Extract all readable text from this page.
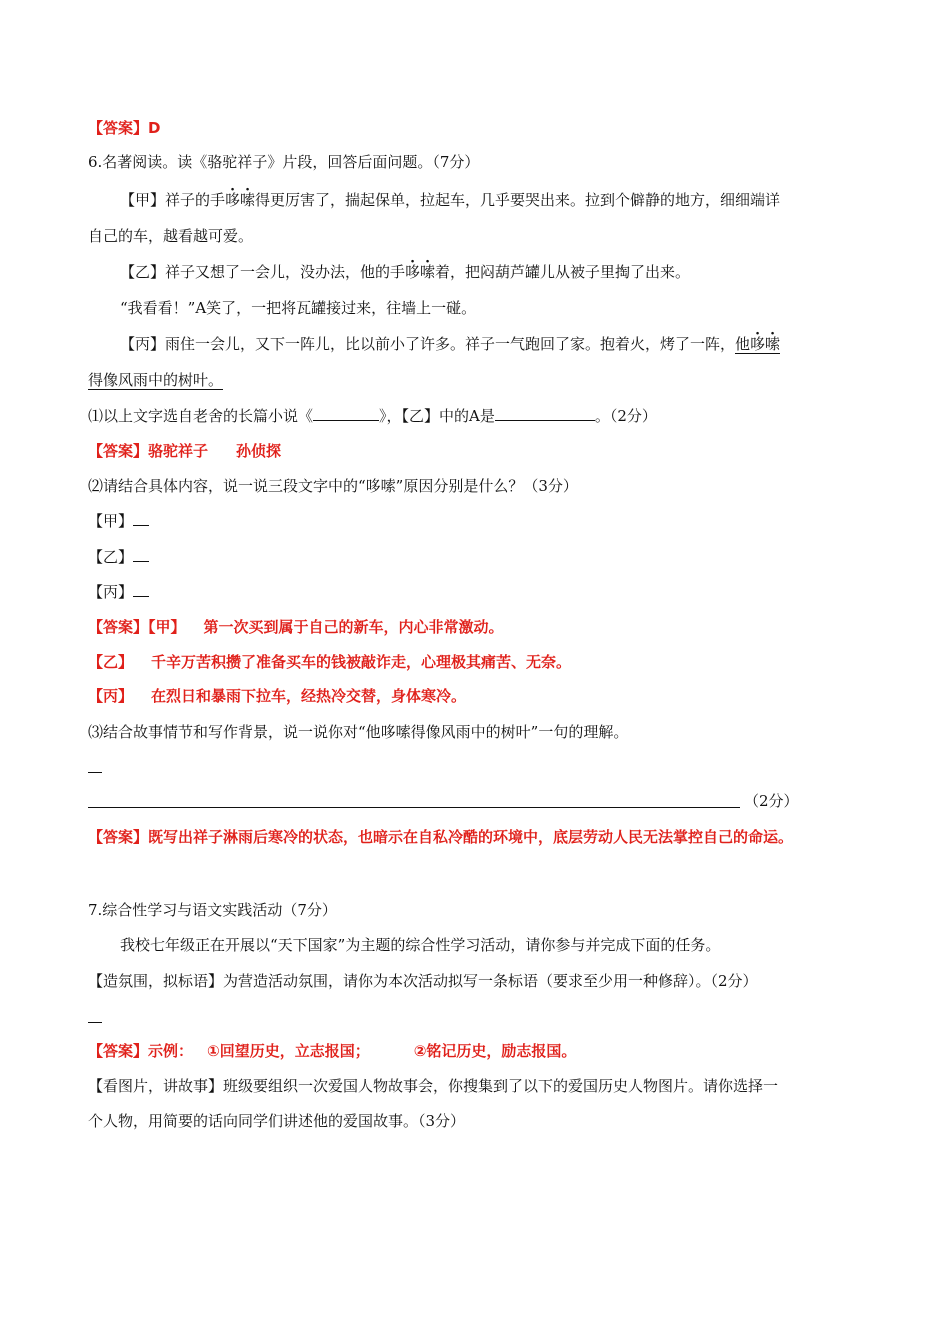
【答案】D
6.名著阅读。读《骆驼祥子》片段，回答后面问题。（7分）
【甲】祥子的手哆嗦得更厉害了，揣起保单，拉起车，几乎要哭出来。拉到个僻静的地方，细细端详
自己的车，越看越可爱。
【乙】祥子又想了一会儿，没办法，他的手哆嗦着，把闷葫芦罐儿从被子里掏了出来。
“我看看！”A笑了，一把将瓦罐接过来，往墙上一碰。
【丙】雨住一会儿，又下一阵儿，比以前小了许多。祥子一气跑回了家。抱着火，烤了一阵，他哆嗦
得像风雨中的树叶。
⑴以上文字选自老舍的长篇小说《	》，【乙】中的A是	。（2分）
【答案】骆驼祥子 孙侦探
⑵请结合具体内容，说一说三段文字中的“哆嗦”原因分别是什么？（3分）
【甲】
【乙】
【丙】
【答案】【甲】 第一次买到属于自己的新车，内心非常激动。
【乙】 千辛万苦积攒了准备买车的钱被敲诈走，心理极其痛苦、无奈。
【丙】 在烈日和暴雨下拉车，经热冷交替，身体寒冷。
⑶结合故事情节和写作背景，说一说你对“他哆嗦得像风雨中的树叶”一句的理解。
（2分）
【答案】既写出祥子淋雨后寒冷的状态，也暗示在自私冷酷的环境中，底层劳动人民无法掌控自己的命运。
7.综合性学习与语文实践活动（7分）
我校七年级正在开展以“天下国家”为主题的综合性学习活动，请你参与并完成下面的任务。
【造氛围，拟标语】为营造活动氛围，请你为本次活动拟写一条标语（要求至少用一种修辞）。（2分）
【答案】示例： ①回望历史，立志报国；	②铭记历史，励志报国。
【看图片，讲故事】班级要组织一次爱国人物故事会，你搜集到了以下的爱国历史人物图片。请你选择一
个人物，用简要的话向同学们讲述他的爱国故事。（3分）
